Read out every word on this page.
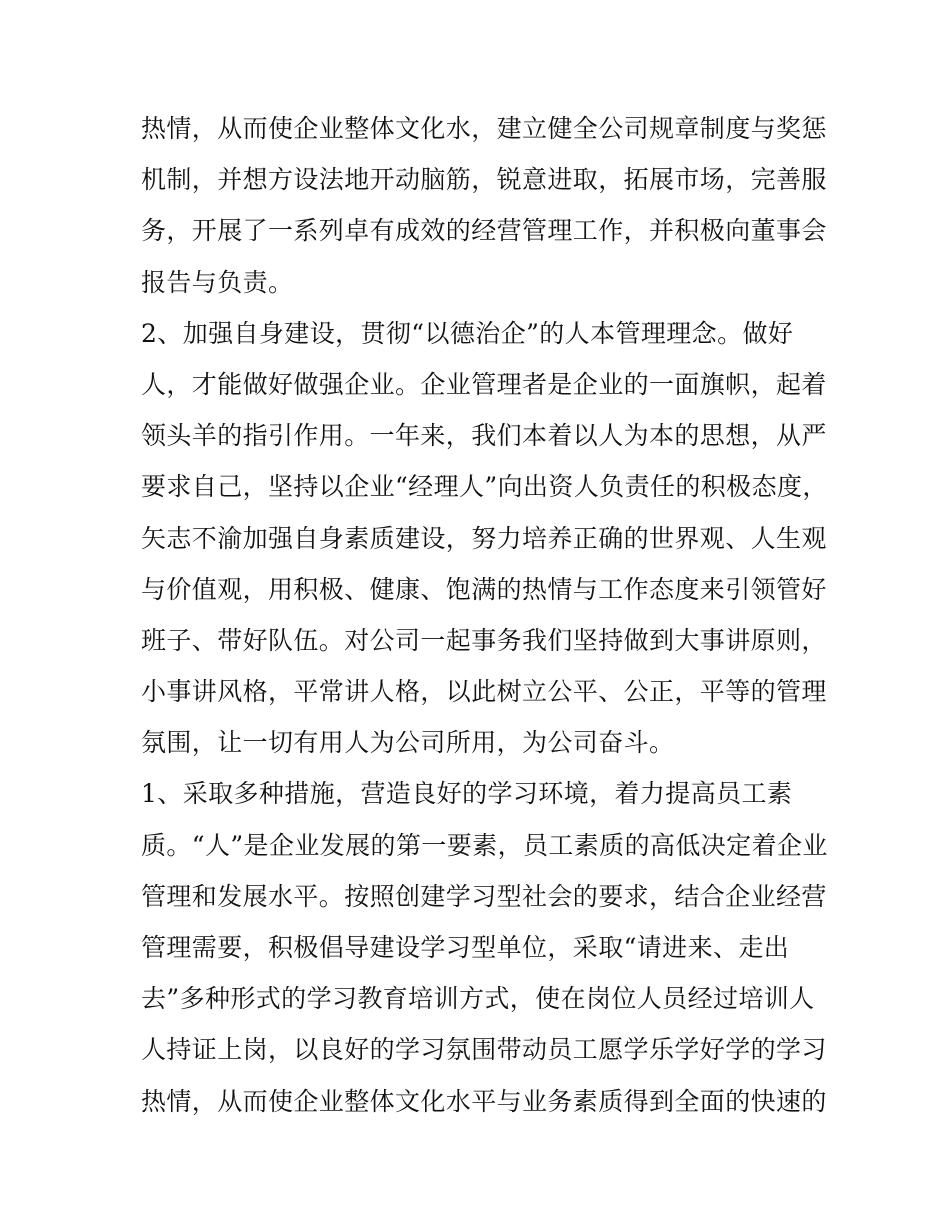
热情，从而使企业整体文化水，建立健全公司规章制度与奖惩
机制，并想方设法地开动脑筋，锐意进取，拓展市场，完善服
务，开展了一系列卓有成效的经营管理工作，并积极向董事会
报告与负责。
2、加强自身建设，贯彻“以德治企”的人本管理理念。做好
人，才能做好做强企业。企业管理者是企业的一面旗帜，起着
领头羊的指引作用。一年来，我们本着以人为本的思想，从严
要求自己，坚持以企业“经理人”向出资人负责任的积极态度，
矢志不渝加强自身素质建设，努力培养正确的世界观、人生观
与价值观，用积极、健康、饱满的热情与工作态度来引领管好
班子、带好队伍。对公司一起事务我们坚持做到大事讲原则，
小事讲风格，平常讲人格，以此树立公平、公正，平等的管理
氛围，让一切有用人为公司所用，为公司奋斗。
1、采取多种措施，营造良好的学习环境，着力提高员工素
质。“人”是企业发展的第一要素，员工素质的高低决定着企业
管理和发展水平。按照创建学习型社会的要求，结合企业经营
管理需要，积极倡导建设学习型单位，采取“请进来、走出
去”多种形式的学习教育培训方式，使在岗位人员经过培训人
人持证上岗，以良好的学习氛围带动员工愿学乐学好学的学习
热情，从而使企业整体文化水平与业务素质得到全面的快速的
